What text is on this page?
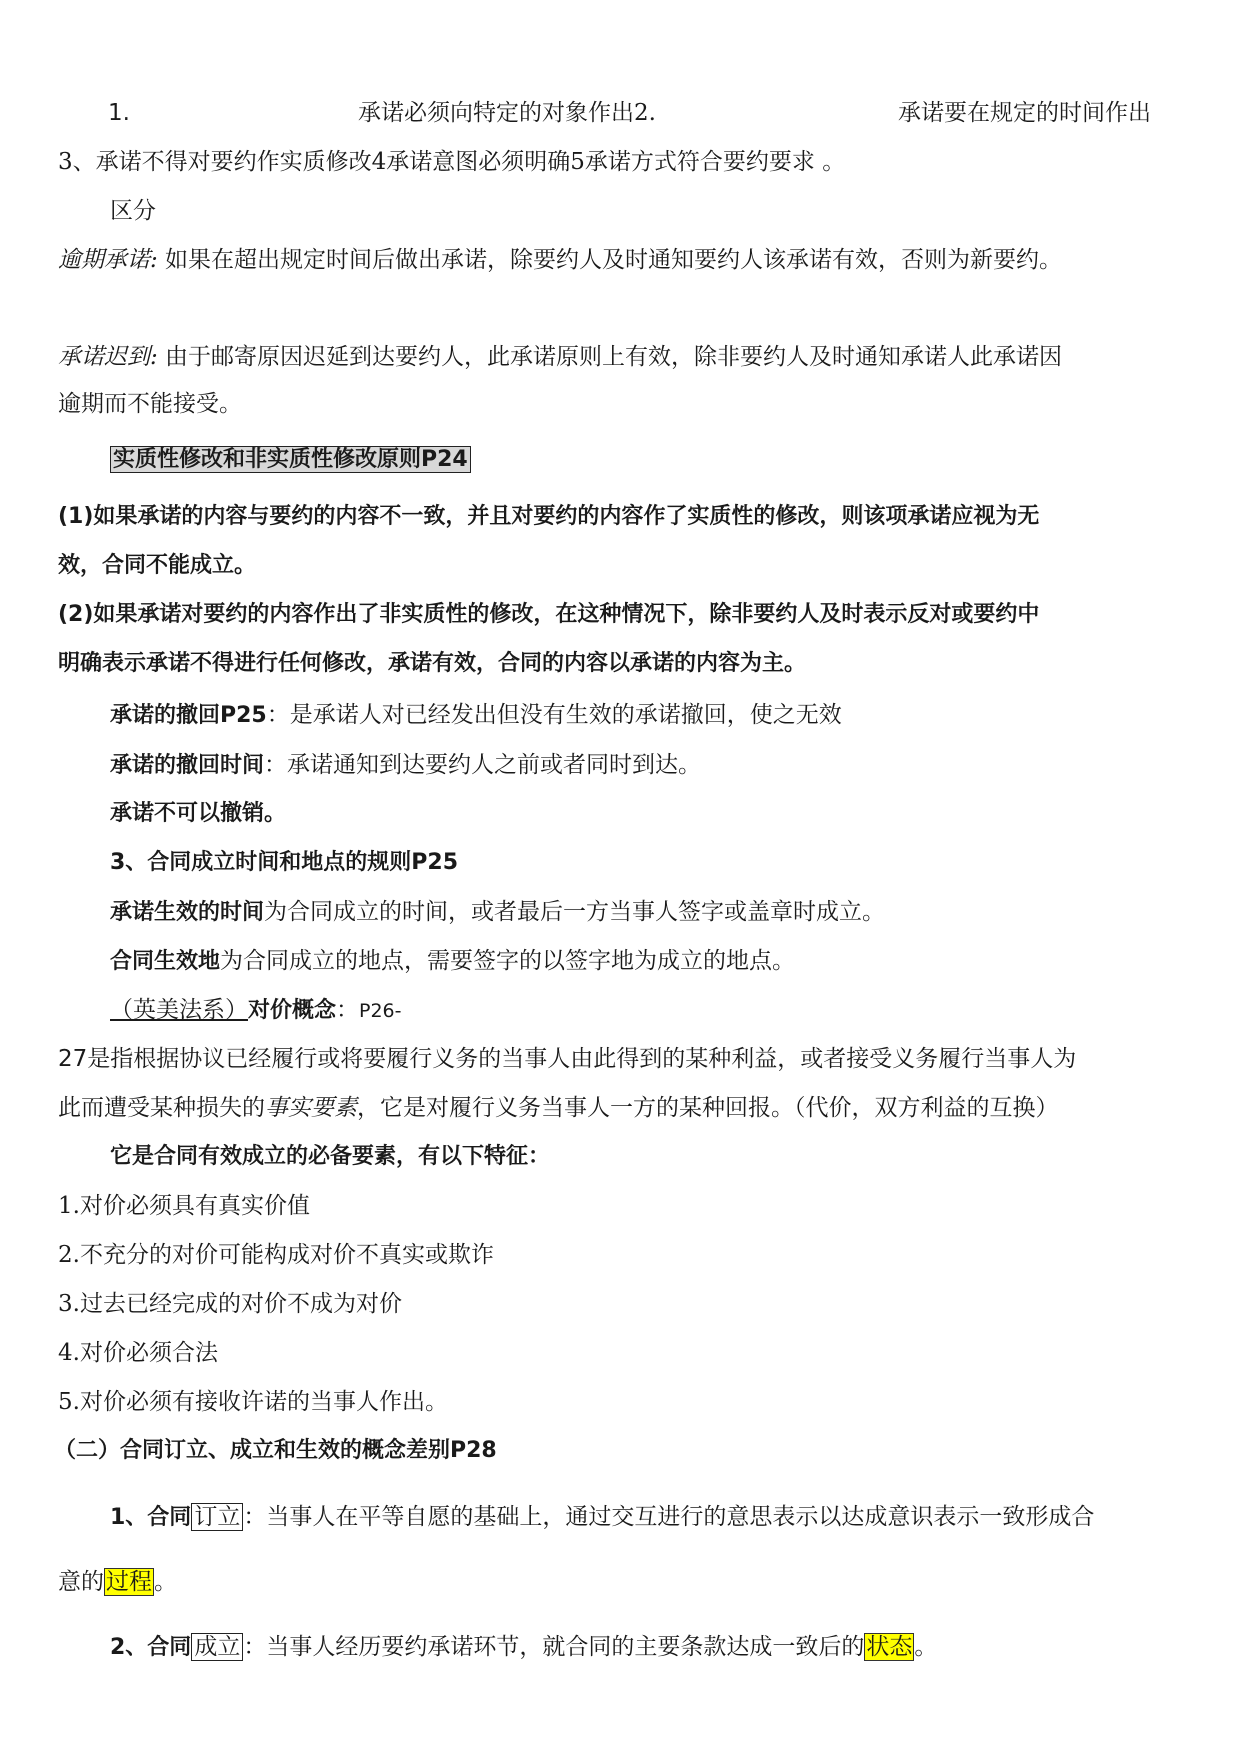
1.	承诺必须向特定的对象作出2.	承诺要在规定的时间作出
3、承诺不得对要约作实质修改4承诺意图必须明确5承诺方式符合要约要求 。
区分
逾期承诺: 如果在超出规定时间后做出承诺，除要约人及时通知要约人该承诺有效，否则为新要约。
承诺迟到: 由于邮寄原因迟延到达要约人，此承诺原则上有效，除非要约人及时通知承诺人此承诺因
逾期而不能接受。
实质性修改和非实质性修改原则P24
(1)如果承诺的内容与要约的内容不一致，并且对要约的内容作了实质性的修改，则该项承诺应视为无
效，合同不能成立。
(2)如果承诺对要约的内容作出了非实质性的修改，在这种情况下，除非要约人及时表示反对或要约中
明确表示承诺不得进行任何修改，承诺有效，合同的内容以承诺的内容为主。
承诺的撤回P25：是承诺人对已经发出但没有生效的承诺撤回，使之无效
承诺的撤回时间：承诺通知到达要约人之前或者同时到达。
承诺不可以撤销。
3、合同成立时间和地点的规则P25
承诺生效的时间为合同成立的时间，或者最后一方当事人签字或盖章时成立。
合同生效地为合同成立的地点，需要签字的以签字地为成立的地点。
（英美法系）对价概念：P26-
27是指根据协议已经履行或将要履行义务的当事人由此得到的某种利益，或者接受义务履行当事人为
此而遭受某种损失的事实要素，它是对履行义务当事人一方的某种回报。（代价，双方利益的互换）
它是合同有效成立的必备要素，有以下特征：
1.对价必须具有真实价值
2.不充分的对价可能构成对价不真实或欺诈
3.过去已经完成的对价不成为对价
4.对价必须合法
5.对价必须有接收许诺的当事人作出。
（二）合同订立、成立和生效的概念差别P28
1、合同 订立 ：当事人在平等自愿的基础上，通过交互进行的意思表示以达成意识表示一致形成合
意的过程。
2、合同 成立 ：当事人经历要约承诺环节，就合同的主要条款达成一致后的状态。
